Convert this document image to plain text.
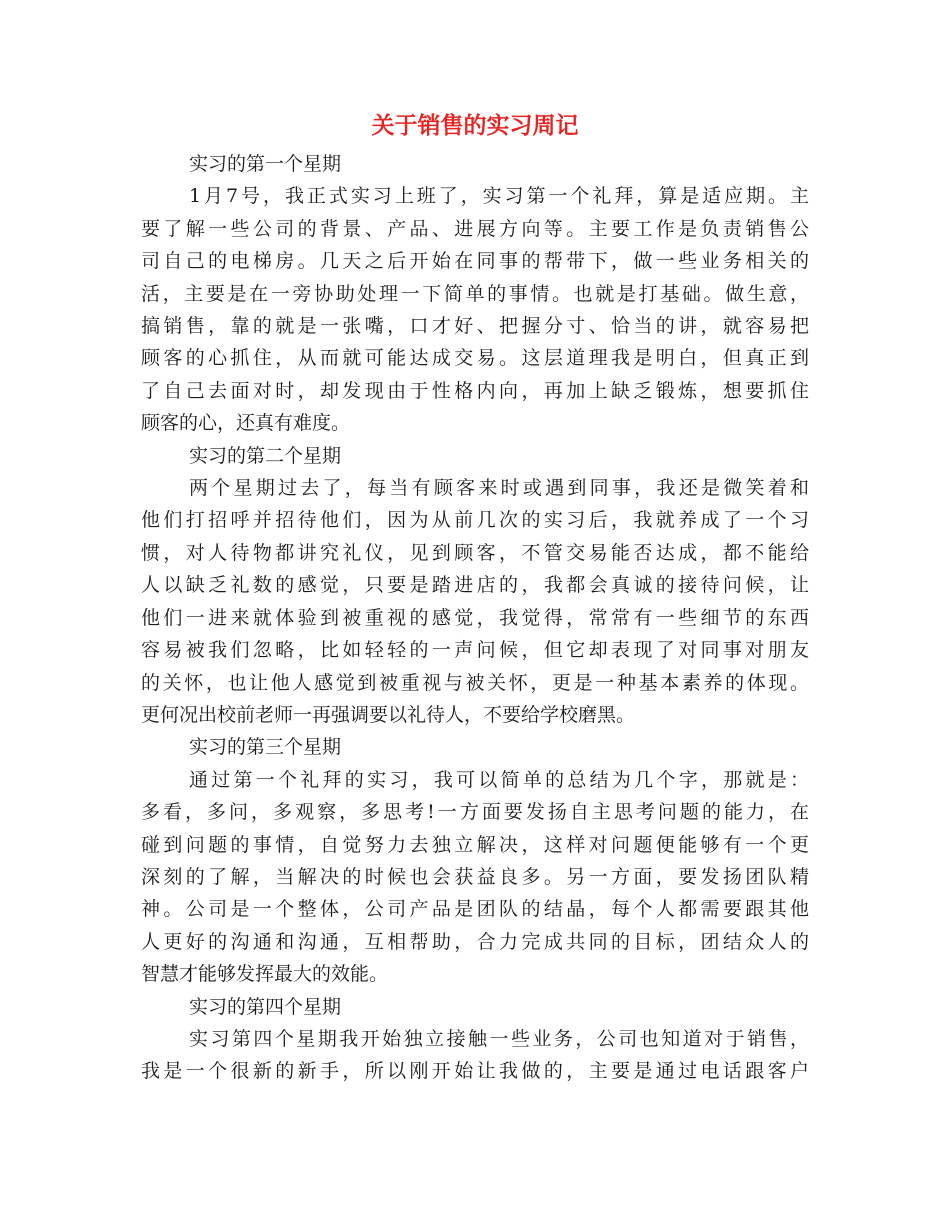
关于销售的实习周记
实习的第一个星期
1月7号，我正式实习上班了，实习第一个礼拜，算是适应期。主
要了解一些公司的背景、产品、进展方向等。主要工作是负责销售公
司自己的电梯房。几天之后开始在同事的帮带下，做一些业务相关的
活，主要是在一旁协助处理一下简单的事情。也就是打基础。做生意，
搞销售，靠的就是一张嘴，口才好、把握分寸、恰当的讲，就容易把
顾客的心抓住，从而就可能达成交易。这层道理我是明白，但真正到
了自己去面对时，却发现由于性格内向，再加上缺乏锻炼，想要抓住
顾客的心，还真有难度。
实习的第二个星期
两个星期过去了，每当有顾客来时或遇到同事，我还是微笑着和
他们打招呼并招待他们，因为从前几次的实习后，我就养成了一个习
惯，对人待物都讲究礼仪，见到顾客，不管交易能否达成，都不能给
人以缺乏礼数的感觉，只要是踏进店的，我都会真诚的接待问候，让
他们一进来就体验到被重视的感觉，我觉得，常常有一些细节的东西
容易被我们忽略，比如轻轻的一声问候，但它却表现了对同事对朋友
的关怀，也让他人感觉到被重视与被关怀，更是一种基本素养的体现。
更何况出校前老师一再强调要以礼待人，不要给学校磨黑。
实习的第三个星期
通过第一个礼拜的实习，我可以简单的总结为几个字，那就是：
多看，多问，多观察，多思考!一方面要发扬自主思考问题的能力，在
碰到问题的事情，自觉努力去独立解决，这样对问题便能够有一个更
深刻的了解，当解决的时候也会获益良多。另一方面，要发扬团队精
神。公司是一个整体，公司产品是团队的结晶，每个人都需要跟其他
人更好的沟通和沟通，互相帮助，合力完成共同的目标，团结众人的
智慧才能够发挥最大的效能。
实习的第四个星期
实习第四个星期我开始独立接触一些业务，公司也知道对于销售，
我是一个很新的新手，所以刚开始让我做的，主要是通过电话跟客户
